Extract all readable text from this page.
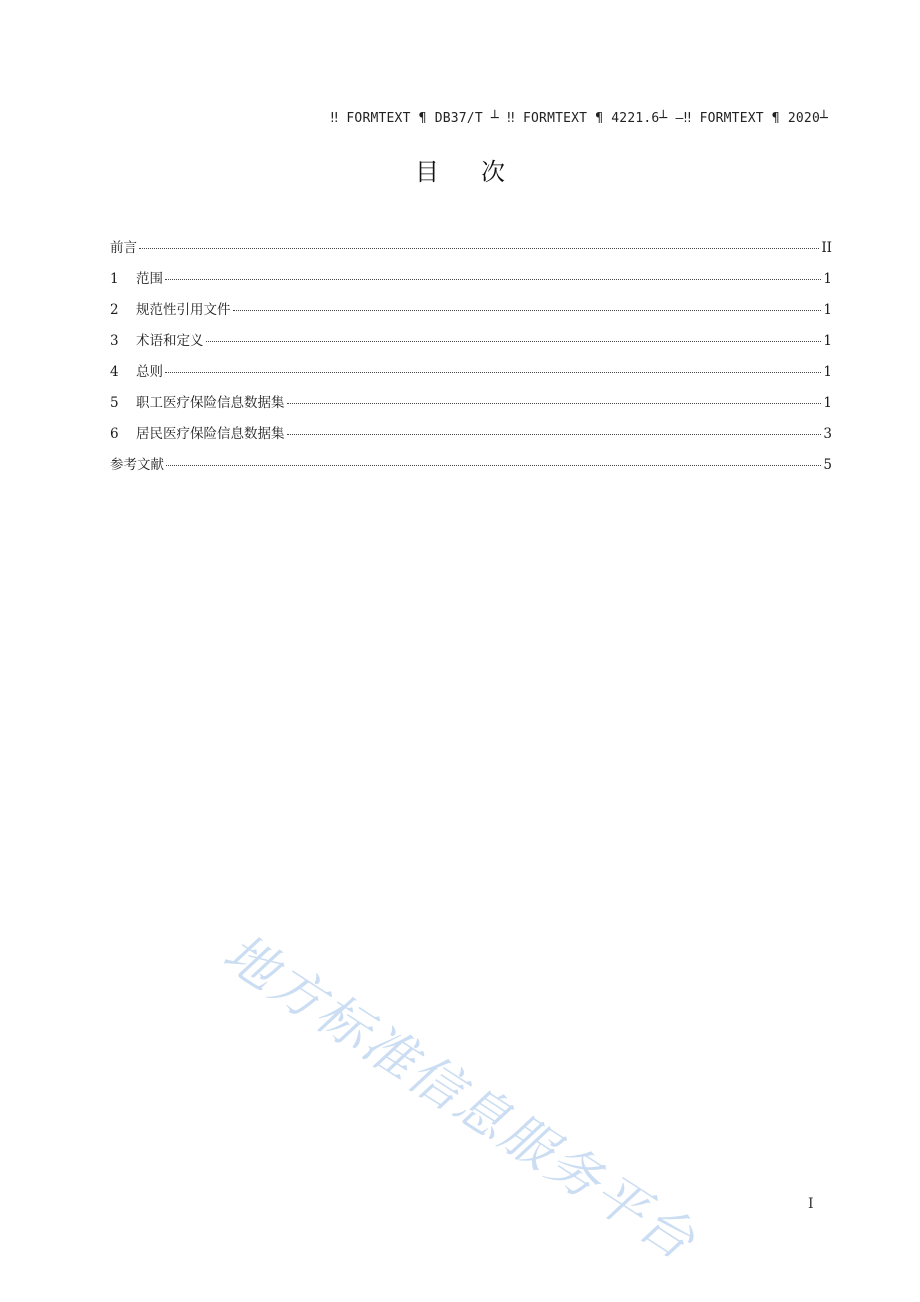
‼ FORMTEXT ¶ DB37/T ┴ ‼ FORMTEXT ¶ 4221.6┴ —‼ FORMTEXT ¶ 2020┴
目次
前言	II
1	范围	1
2	规范性引用文件	1
3	术语和定义	1
4	总则	1
5	职工医疗保险信息数据集	1
6	居民医疗保险信息数据集	3
参考文献	5
地方标准信息服务平台	I
